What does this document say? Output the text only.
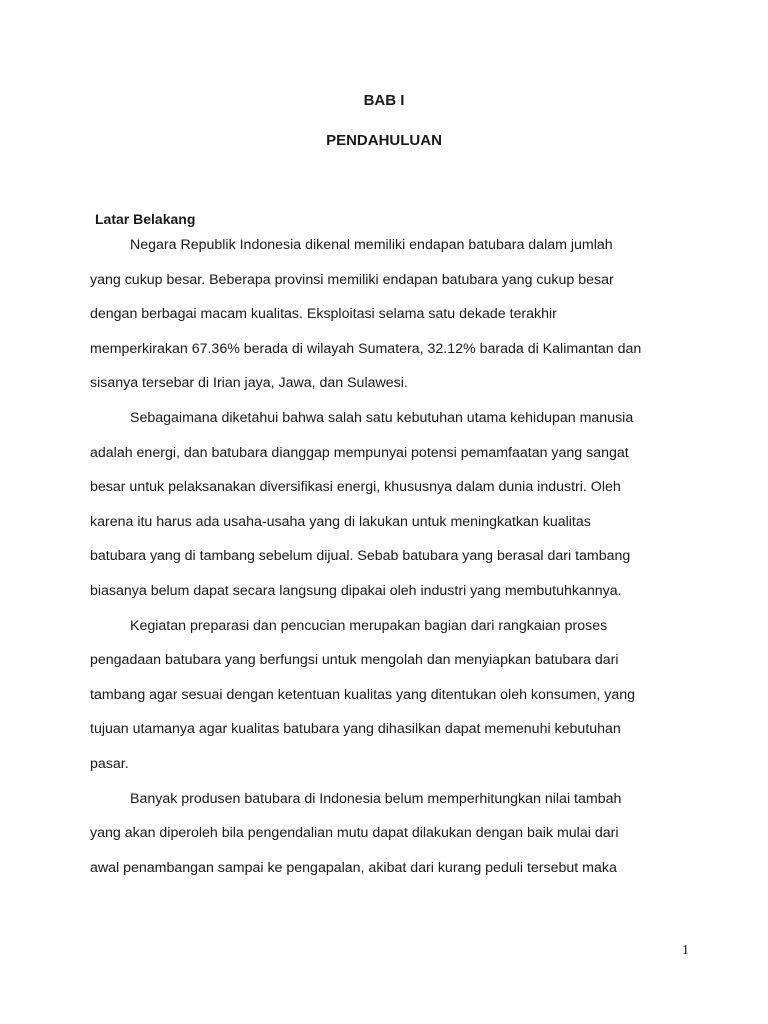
BAB I
PENDAHULUAN
Latar Belakang
Negara Republik Indonesia dikenal memiliki endapan batubara dalam jumlah
yang cukup besar. Beberapa provinsi memiliki endapan batubara yang cukup besar
dengan berbagai macam kualitas. Eksploitasi selama satu dekade terakhir
memperkirakan 67.36% berada di wilayah Sumatera, 32.12% barada di Kalimantan dan
sisanya tersebar di Irian jaya, Jawa, dan Sulawesi.
Sebagaimana diketahui bahwa salah satu kebutuhan utama kehidupan manusia
adalah energi, dan batubara dianggap mempunyai potensi pemamfaatan yang sangat
besar untuk pelaksanakan diversifikasi energi, khususnya dalam dunia industri. Oleh
karena itu harus ada usaha-usaha yang di lakukan untuk meningkatkan kualitas
batubara yang di tambang sebelum dijual. Sebab batubara yang berasal dari tambang
biasanya belum dapat secara langsung dipakai oleh industri yang membutuhkannya.
Kegiatan preparasi dan pencucian merupakan bagian dari rangkaian proses
pengadaan batubara yang berfungsi untuk mengolah dan menyiapkan batubara dari
tambang agar sesuai dengan ketentuan kualitas yang ditentukan oleh konsumen, yang
tujuan utamanya agar kualitas batubara yang dihasilkan dapat memenuhi kebutuhan
pasar.
Banyak produsen batubara di Indonesia belum memperhitungkan nilai tambah
yang akan diperoleh bila pengendalian mutu dapat dilakukan dengan baik mulai dari
awal penambangan sampai ke pengapalan, akibat dari kurang peduli tersebut maka
1
